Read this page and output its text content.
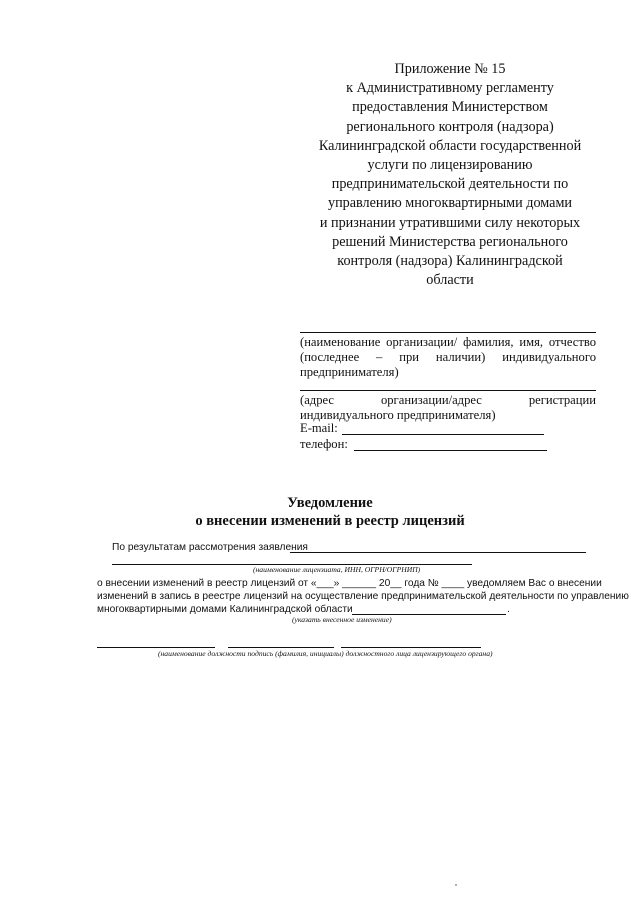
Приложение № 15
к Административному регламенту
предоставления Министерством
регионального контроля (надзора)
Калининградской области государственной
услуги по лицензированию
предпринимательской деятельности по
управлению многоквартирными домами
и признании утратившими силу некоторых
решений Министерства регионального
контроля (надзора) Калининградской
области
(наименование организации/ фамилия, имя, отчество
(последнее – при наличии) индивидуального
предпринимателя)
(адрес организации/адрес регистрации
индивидуального предпринимателя)
E-mail:
телефон:
Уведомление
о внесении изменений в реестр лицензий
По результатам рассмотрения заявления
(наименование лицензиата, ИНН, ОГРН/ОГРНИП)
о внесении изменений в реестр лицензий от «___» ______ 20__ года № ____ уведомляем Вас о внесении
изменений в запись в реестре лицензий на осуществление предпринимательской деятельности по управлению
многоквартирными домами Калининградской области	.
(указать внесенное изменение)
(наименование должности подпись (фамилия, инициалы) должностного лица лицензирующего органа)
